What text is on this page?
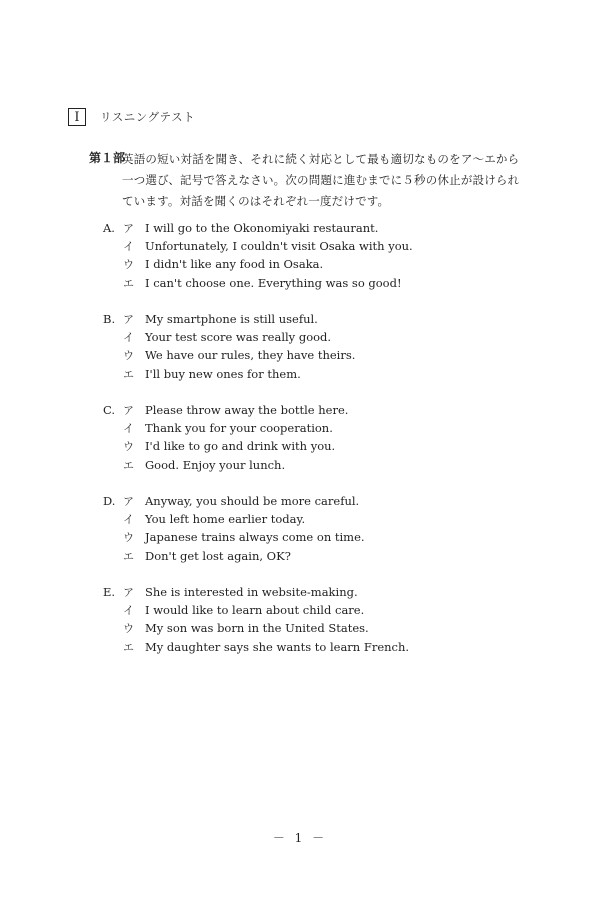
I	リスニングテスト
第１部
英語の短い対話を聞き、それに続く対応として最も適切なものをア～エから一つ選び、記号で答えなさい。次の問題に進むまでに５秒の休止が設けられています。対話を聞くのはそれぞれ一度だけです。
A. ア I will go to the Okonomiyaki restaurant.
イ Unfortunately, I couldn't visit Osaka with you.
ウ I didn't like any food in Osaka.
エ I can't choose one. Everything was so good!
B. ア My smartphone is still useful.
イ Your test score was really good.
ウ We have our rules, they have theirs.
エ I'll buy new ones for them.
C. ア Please throw away the bottle here.
イ Thank you for your cooperation.
ウ I'd like to go and drink with you.
エ Good. Enjoy your lunch.
D. ア Anyway, you should be more careful.
イ You left home earlier today.
ウ Japanese trains always come on time.
エ Don't get lost again, OK?
E. ア She is interested in website-making.
イ I would like to learn about child care.
ウ My son was born in the United States.
エ My daughter says she wants to learn French.
－ 1 －
